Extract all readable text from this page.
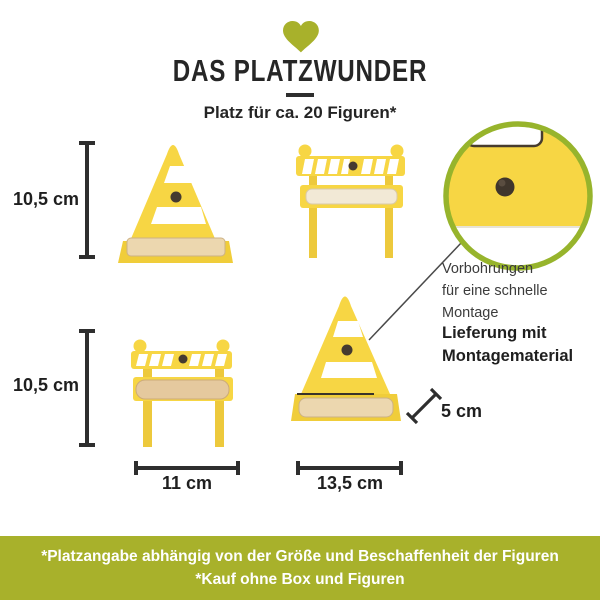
DAS PLATZWUNDER
Platz für ca. 20 Figuren*
10,5 cm
10,5 cm
11 cm	13,5 cm
5 cm
Vorbohrungen
für eine schnelle
Montage
Lieferung mit
Montagematerial
*Platzangabe abhängig von der Größe und Beschaffenheit der Figuren
*Kauf ohne Box und Figuren
